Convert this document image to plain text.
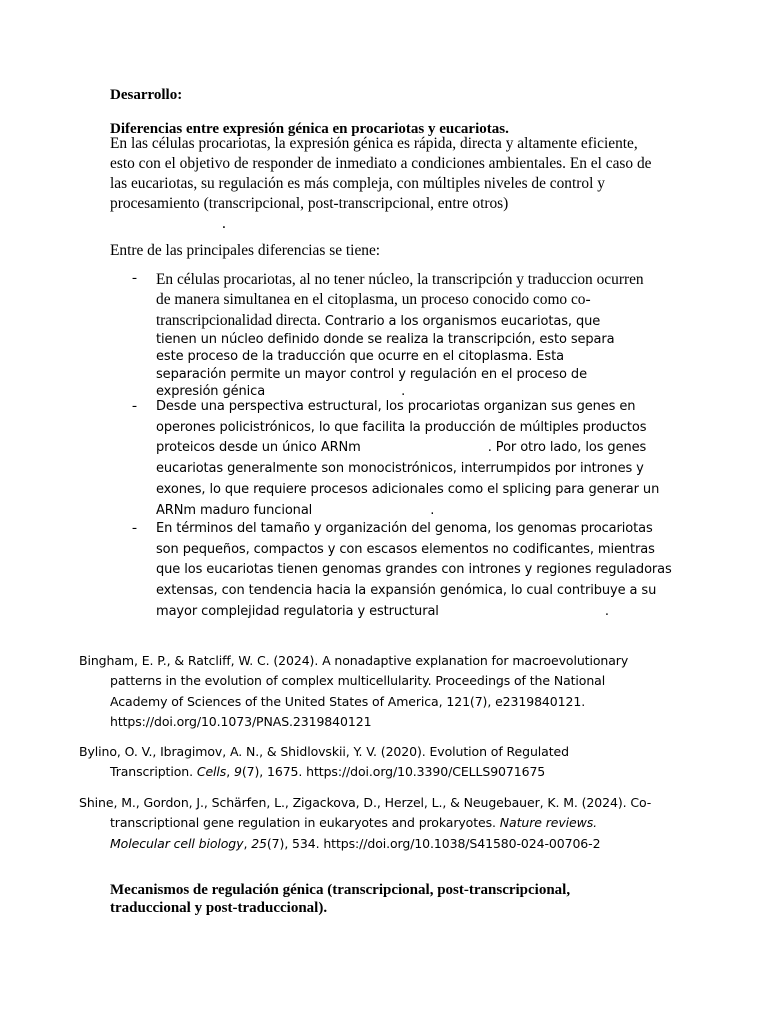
Desarrollo:
Diferencias entre expresión génica en procariotas y eucariotas.
En las células procariotas, la expresión génica es rápida, directa y altamente eficiente,
esto con el objetivo de responder de inmediato a condiciones ambientales. En el caso de
las eucariotas, su regulación es más compleja, con múltiples niveles de control y
procesamiento (transcripcional, post-transcripcional, entre otros)
.
Entre de las principales diferencias se tiene:
- En células procariotas, al no tener núcleo, la transcripción y traduccion ocurren
de manera simultanea en el citoplasma, un proceso conocido como co-
transcripcionalidad directa. Contrario a los organismos eucariotas, que
tienen un núcleo definido donde se realiza la transcripción, esto separa
este proceso de la traducción que ocurre en el citoplasma. Esta
separación permite un mayor control y regulación en el proceso de
expresión génica	.
- Desde una perspectiva estructural, los procariotas organizan sus genes en
operones policistrónicos, lo que facilita la producción de múltiples productos
proteicos desde un único ARNm	. Por otro lado, los genes
eucariotas generalmente son monocistrónicos, interrumpidos por intrones y
exones, lo que requiere procesos adicionales como el splicing para generar un
ARNm maduro funcional	.
- En términos del tamaño y organización del genoma, los genomas procariotas
son pequeños, compactos y con escasos elementos no codificantes, mientras
que los eucariotas tienen genomas grandes con intrones y regiones reguladoras
extensas, con tendencia hacia la expansión genómica, lo cual contribuye a su
mayor complejidad regulatoria y estructural	.
Bingham, E. P., & Ratcliff, W. C. (2024). A nonadaptive explanation for macroevolutionary
patterns in the evolution of complex multicellularity. Proceedings of the National
Academy of Sciences of the United States of America, 121(7), e2319840121.
https://doi.org/10.1073/PNAS.2319840121
Bylino, O. V., Ibragimov, A. N., & Shidlovskii, Y. V. (2020). Evolution of Regulated
Transcription. Cells, 9(7), 1675. https://doi.org/10.3390/CELLS9071675
Shine, M., Gordon, J., Schärfen, L., Zigackova, D., Herzel, L., & Neugebauer, K. M. (2024). Co-
transcriptional gene regulation in eukaryotes and prokaryotes. Nature reviews.
Molecular cell biology, 25(7), 534. https://doi.org/10.1038/S41580-024-00706-2
Mecanismos de regulación génica (transcripcional, post-transcripcional,
traduccional y post-traduccional).
